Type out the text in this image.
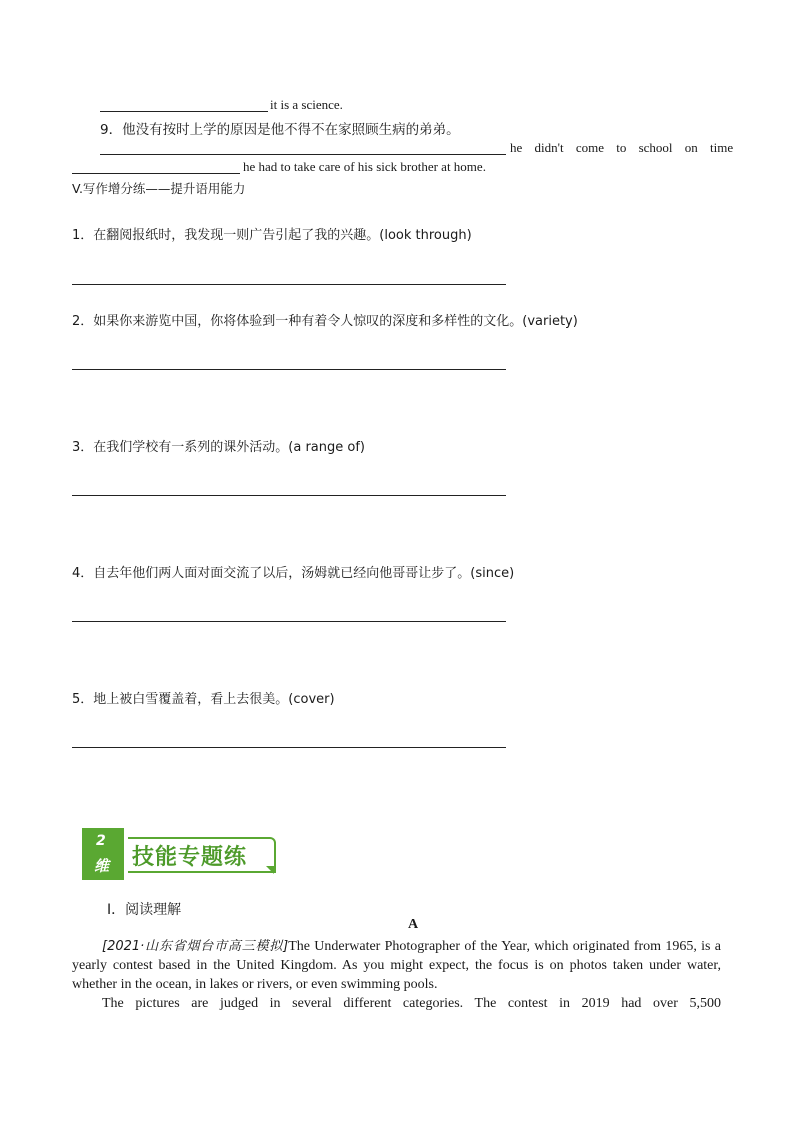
it is a science.
9．他没有按时上学的原因是他不得不在家照顾生病的弟弟。
he didn't come to school on time
he had to take care of his sick brother at home.
V.写作增分练——提升语用能力
1．在翻阅报纸时，我发现一则广告引起了我的兴趣。(look through)
2．如果你来游览中国，你将体验到一种有着令人惊叹的深度和多样性的文化。(variety)
3．在我们学校有一系列的课外活动。(a range of)
4．自去年他们两人面对面交流了以后，汤姆就已经向他哥哥让步了。(since)
5．地上被白雪覆盖着，看上去很美。(cover)
2
维 技能专题练
Ⅰ．阅读理解
A
[2021·山东省烟台市高三模拟]The Underwater Photographer of the Year, which originated from 1965, is a yearly contest based in the United Kingdom. As you might expect, the focus is on photos taken under water, whether in the ocean, in lakes or rivers, or even swimming pools.
The pictures are judged in several different categories. The contest in 2019 had over 5,500
